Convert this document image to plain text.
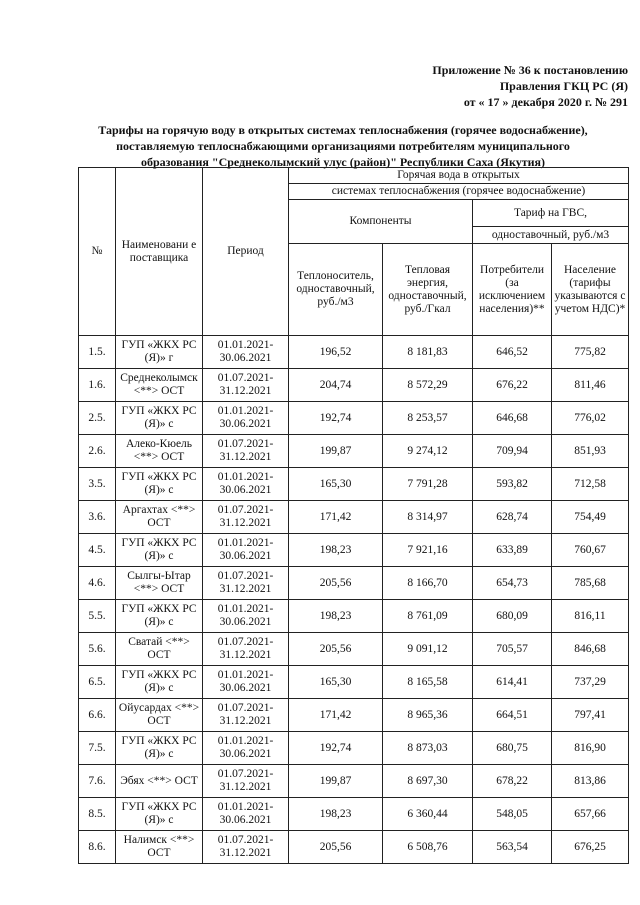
Приложение № 36 к постановлению
Правления ГКЦ РС (Я)
от « 17 » декабря 2020 г. № 291
Тарифы на горячую воду в открытых системах теплоснабжения (горячее водоснабжение),
поставляемую теплоснабжающими организациями потребителям муниципального
образования "Среднеколымский улус (район)" Республики Саха (Якутия)
№	Наименовани е поставщика	Период	Горячая вода в открытых			
			системах теплоснабжения (горячее водоснабжение)			
			Компоненты		Тариф на ГВС,	
					одноставочный, руб./м3	
			Теплоноситель, одноставочный, руб./м3	Тепловая энергия, одноставочный, руб./Гкал	Потребители (за исключением населения)**	Население (тарифы указываются с учетом НДС)*
1.5.	ГУП «ЖКХ РС (Я)» г	01.01.2021-30.06.2021	196,52	8 181,83	646,52	775,82
1.6.	Среднеколымск <**> ОСТ	01.07.2021-31.12.2021	204,74	8 572,29	676,22	811,46
2.5.	ГУП «ЖКХ РС (Я)» с	01.01.2021-30.06.2021	192,74	8 253,57	646,68	776,02
2.6.	Алеко-Кюель <**> ОСТ	01.07.2021-31.12.2021	199,87	9 274,12	709,94	851,93
3.5.	ГУП «ЖКХ РС (Я)» с	01.01.2021-30.06.2021	165,30	7 791,28	593,82	712,58
3.6.	Аргахтах <**> ОСТ	01.07.2021-31.12.2021	171,42	8 314,97	628,74	754,49
4.5.	ГУП «ЖКХ РС (Я)» с	01.01.2021-30.06.2021	198,23	7 921,16	633,89	760,67
4.6.	Сылгы-Ытар <**> ОСТ	01.07.2021-31.12.2021	205,56	8 166,70	654,73	785,68
5.5.	ГУП «ЖКХ РС (Я)» с	01.01.2021-30.06.2021	198,23	8 761,09	680,09	816,11
5.6.	Сватай <**> ОСТ	01.07.2021-31.12.2021	205,56	9 091,12	705,57	846,68
6.5.	ГУП «ЖКХ РС (Я)» с	01.01.2021-30.06.2021	165,30	8 165,58	614,41	737,29
6.6.	Ойусардах <**> ОСТ	01.07.2021-31.12.2021	171,42	8 965,36	664,51	797,41
7.5.	ГУП «ЖКХ РС (Я)» с	01.01.2021-30.06.2021	192,74	8 873,03	680,75	816,90
7.6.	Эбях <**> ОСТ	01.07.2021-31.12.2021	199,87	8 697,30	678,22	813,86
8.5.	ГУП «ЖКХ РС (Я)» с	01.01.2021-30.06.2021	198,23	6 360,44	548,05	657,66
8.6.	Налимск <**> ОСТ	01.07.2021-31.12.2021	205,56	6 508,76	563,54	676,25
